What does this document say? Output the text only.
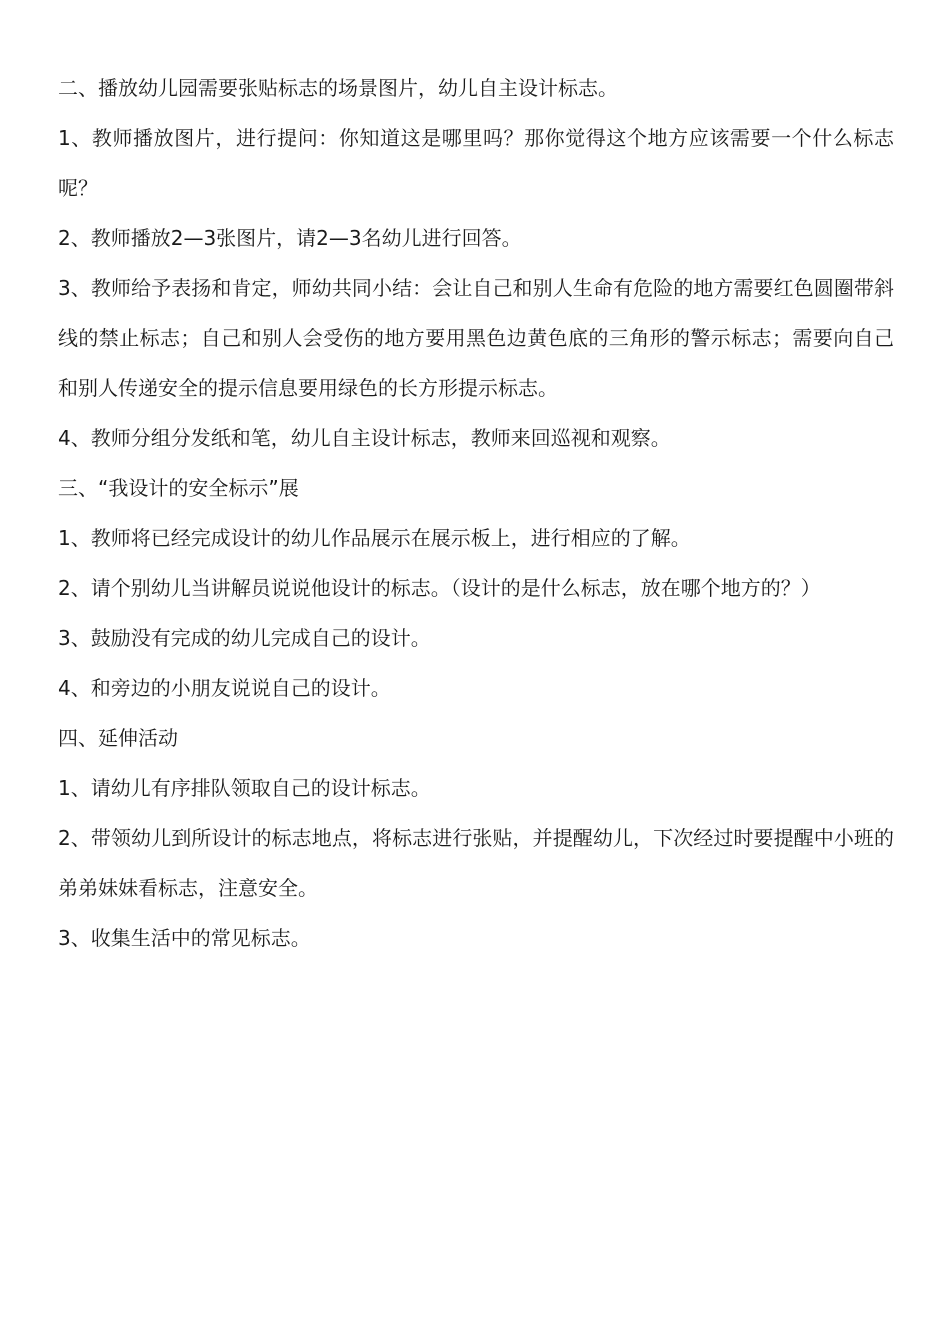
二、播放幼儿园需要张贴标志的场景图片，幼儿自主设计标志。

1、教师播放图片，进行提问：你知道这是哪里吗？那你觉得这个地方应该需要一个什么标志呢？

2、教师播放2—3张图片，请2—3名幼儿进行回答。

3、教师给予表扬和肯定，师幼共同小结：会让自己和别人生命有危险的地方需要红色圆圈带斜线的禁止标志；自己和别人会受伤的地方要用黑色边黄色底的三角形的警示标志；需要向自己和别人传递安全的提示信息要用绿色的长方形提示标志。

4、教师分组分发纸和笔，幼儿自主设计标志，教师来回巡视和观察。

三、“我设计的安全标示”展

1、教师将已经完成设计的幼儿作品展示在展示板上，进行相应的了解。

2、请个别幼儿当讲解员说说他设计的标志。（设计的是什么标志，放在哪个地方的？）

3、鼓励没有完成的幼儿完成自己的设计。

4、和旁边的小朋友说说自己的设计。

四、延伸活动

1、请幼儿有序排队领取自己的设计标志。

2、带领幼儿到所设计的标志地点，将标志进行张贴，并提醒幼儿，下次经过时要提醒中小班的弟弟妹妹看标志，注意安全。

3、收集生活中的常见标志。
